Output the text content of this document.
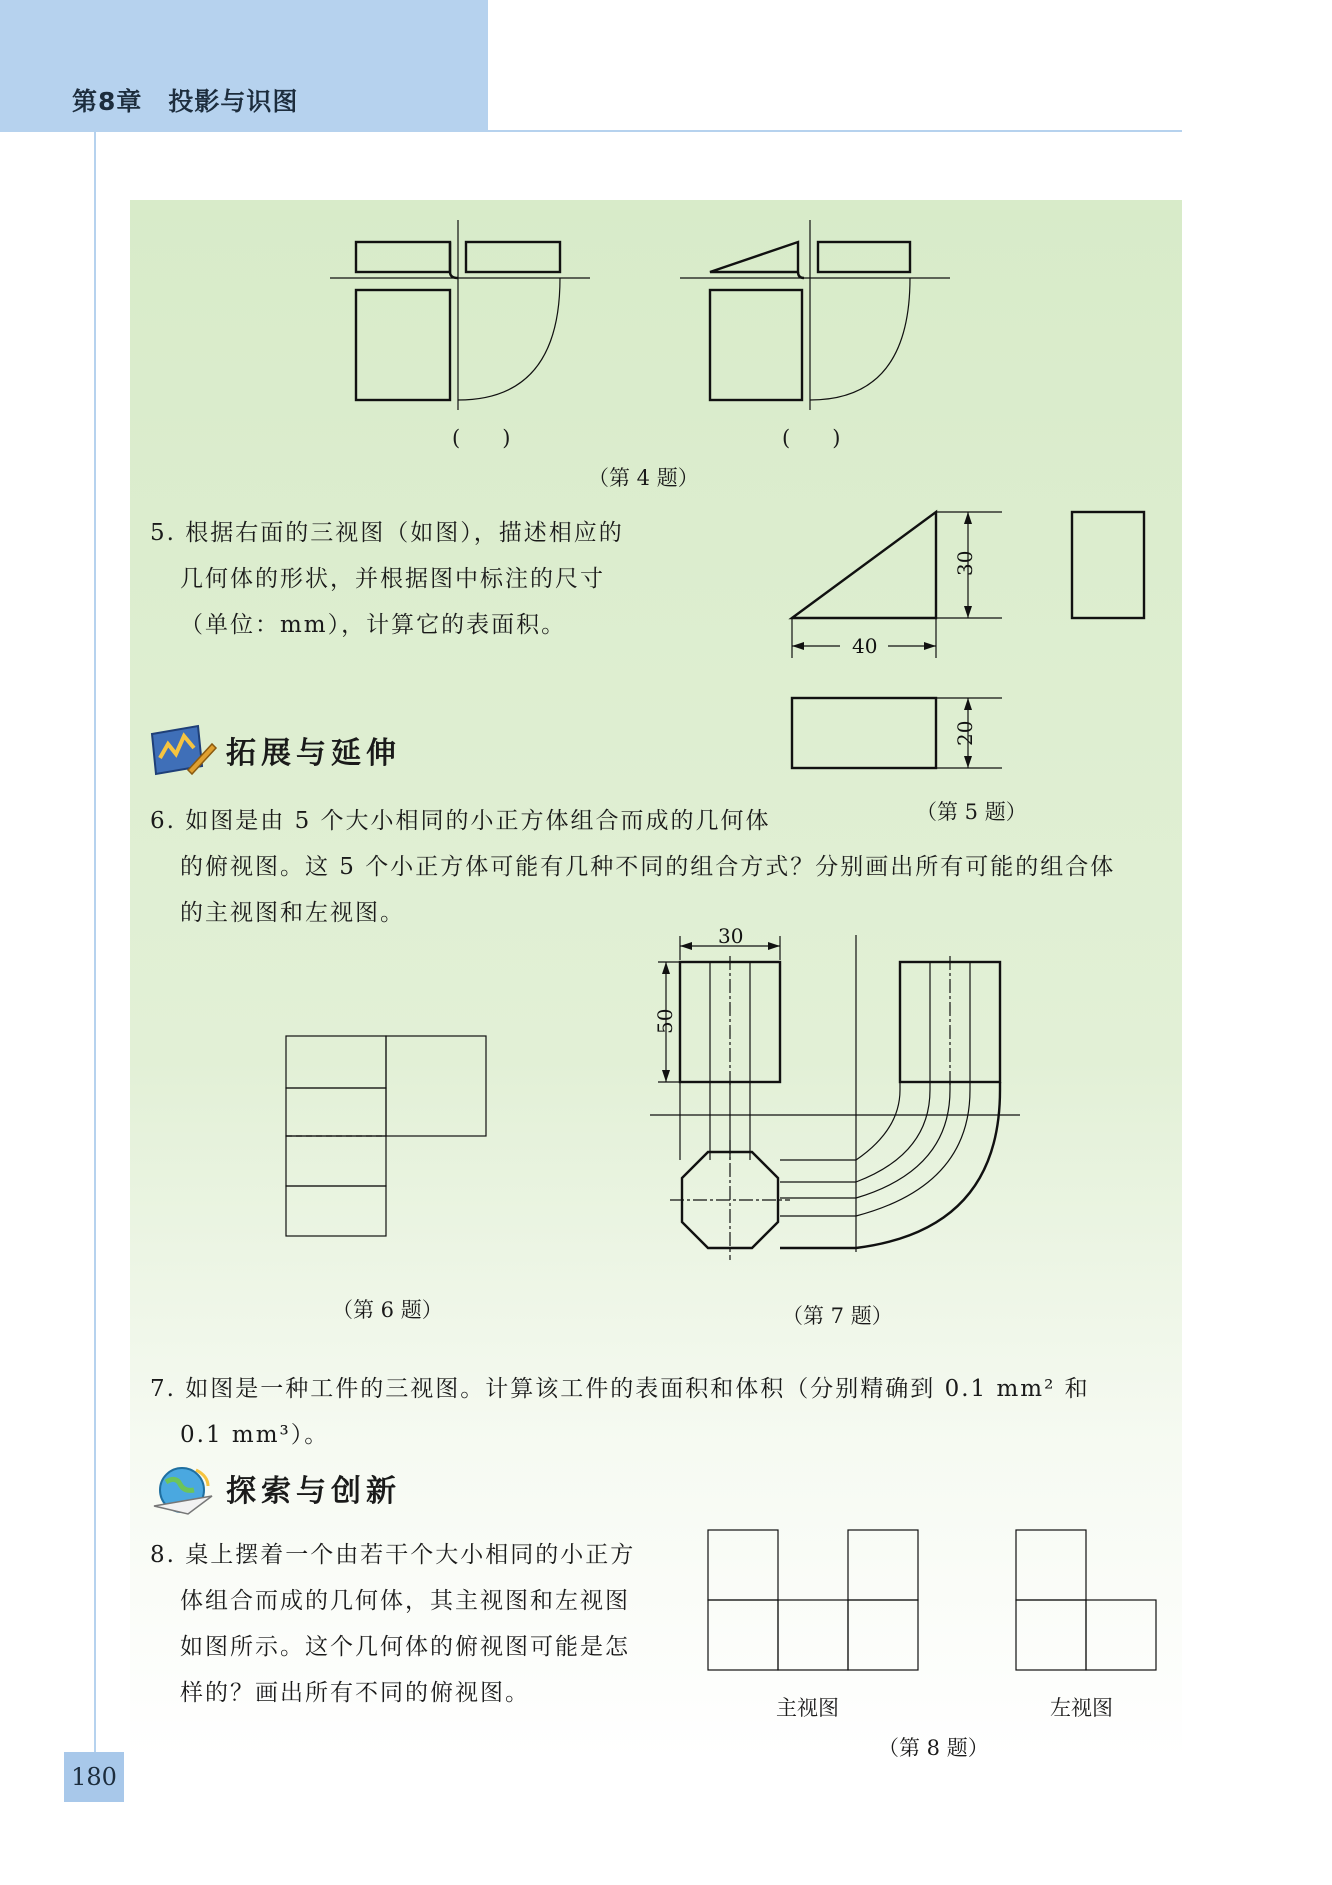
第8章　投影与识图
(　　)	(　　)
（第 4 题）
5. 根据右面的三视图（如图），描述相应的
几何体的形状，并根据图中标注的尺寸
（单位：mm），计算它的表面积。
30
40
20
（第 5 题）
拓展与延伸
6. 如图是由 5 个大小相同的小正方体组合而成的几何体
的俯视图。这 5 个小正方体可能有几种不同的组合方式？分别画出所有可能的组合体
的主视图和左视图。
（第 6 题）
30
50
（第 7 题）
7. 如图是一种工件的三视图。计算该工件的表面积和体积（分别精确到 0.1 mm² 和
0.1 mm³）。
探索与创新
8. 桌上摆着一个由若干个大小相同的小正方
体组合而成的几何体，其主视图和左视图
如图所示。这个几何体的俯视图可能是怎
样的？画出所有不同的俯视图。
主视图	左视图
（第 8 题）
180
